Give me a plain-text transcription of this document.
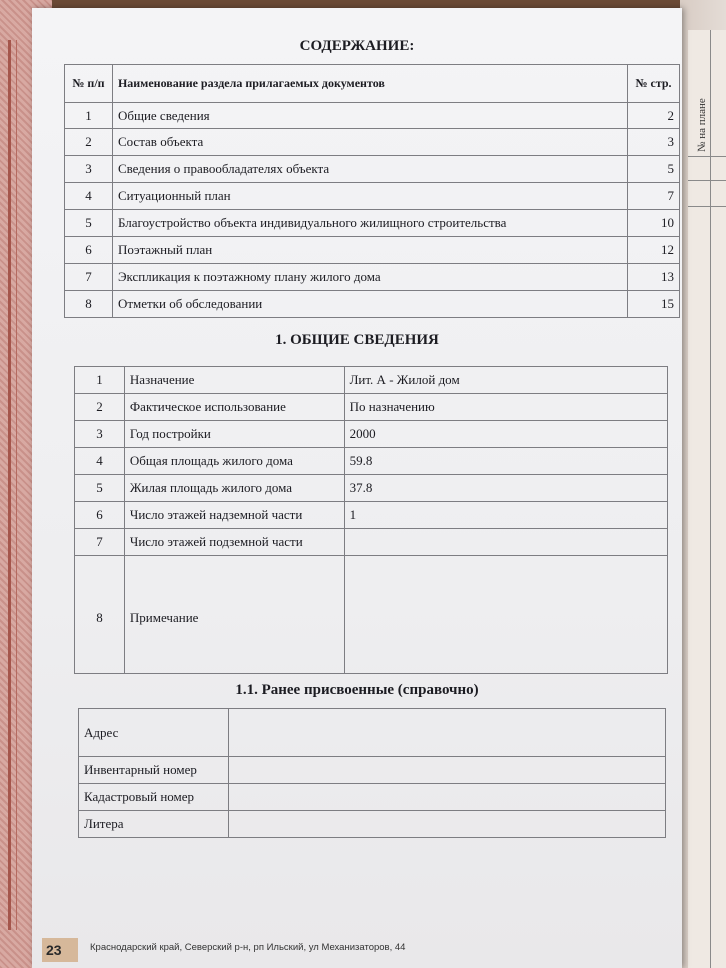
№ на плане
СОДЕРЖАНИЕ:
№ п/п	Наименование раздела прилагаемых документов	№ стр.
1	Общие сведения	2
2	Состав объекта	3
3	Сведения о правообладателях объекта	5
4	Ситуационный план	7
5	Благоустройство объекта индивидуального жилищного строительства	10
6	Поэтажный план	12
7	Экспликация к поэтажному плану жилого дома	13
8	Отметки об обследовании	15
1. ОБЩИЕ СВЕДЕНИЯ
1	Назначение	Лит. А - Жилой дом
2	Фактическое использование	По назначению
3	Год постройки	2000
4	Общая площадь жилого дома	59.8
5	Жилая площадь жилого дома	37.8
6	Число этажей надземной части	1
7	Число этажей подземной части	
8	Примечание	
1.1. Ранее присвоенные (справочно)
Адрес	
Инвентарный номер	
Кадастровый номер	
Литера	
23	Краснодарский край, Северский р-н, рп Ильский, ул Механизаторов, 44
